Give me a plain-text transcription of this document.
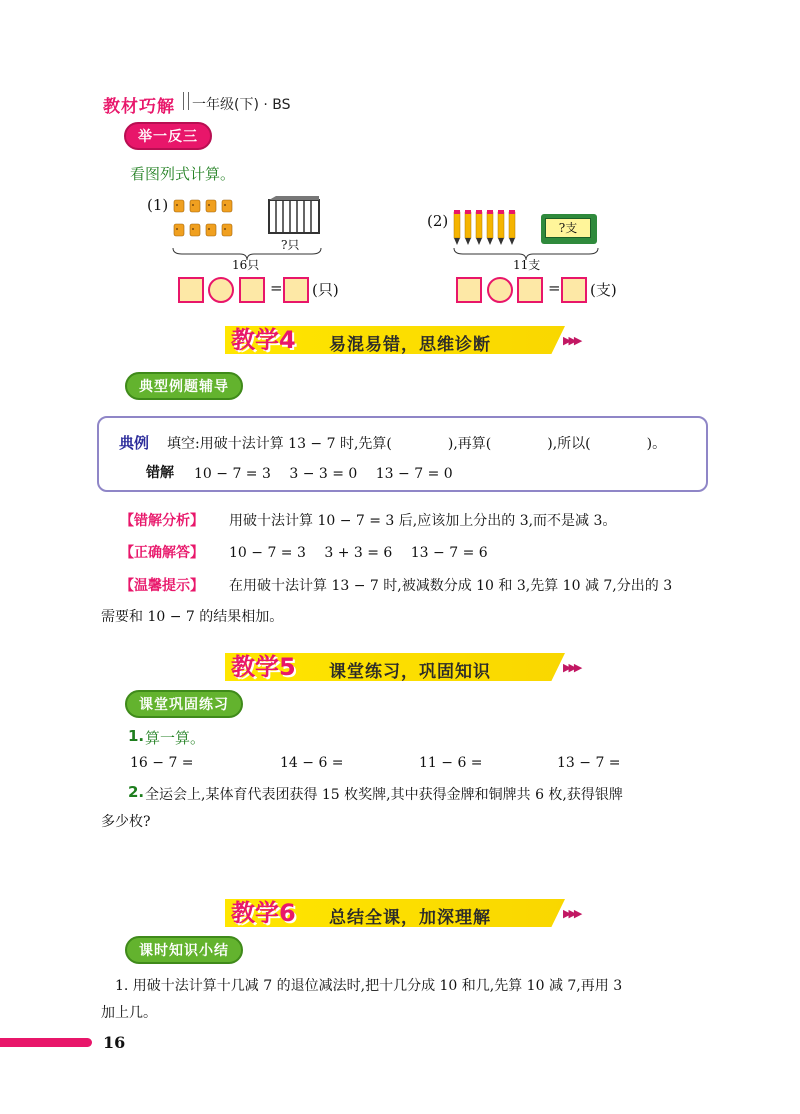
教材巧解 一年级(下) · BS
举一反三
看图列式计算。
(1)
?只
16只
= (只)
(2)	?支
11支
= (支)
教学4 易混易错，思维诊断	▶▶▶
典型例题辅导
典例 填空:用破十法计算 13 − 7 时,先算(　　　　),再算(　　　　),所以(　　　　)。
错解 10 − 7 = 3　 3 − 3 = 0　 13 − 7 = 0
【错解分析】 用破十法计算 10 − 7 = 3 后,应该加上分出的 3,而不是减 3。
【正确解答】 10 − 7 = 3　 3 + 3 = 6　 13 − 7 = 6
【温馨提示】 在用破十法计算 13 − 7 时,被减数分成 10 和 3,先算 10 减 7,分出的 3
需要和 10 − 7 的结果相加。
教学5 课堂练习，巩固知识	▶▶▶
课堂巩固练习
1. 算一算。
16 − 7 =	14 − 6 =	11 − 6 =	13 − 7 =
2. 全运会上,某体育代表团获得 15 枚奖牌,其中获得金牌和铜牌共 6 枚,获得银牌
多少枚?
教学6 总结全课，加深理解	▶▶▶
课时知识小结
1. 用破十法计算十几减 7 的退位减法时,把十几分成 10 和几,先算 10 减 7,再用 3
加上几。
16
